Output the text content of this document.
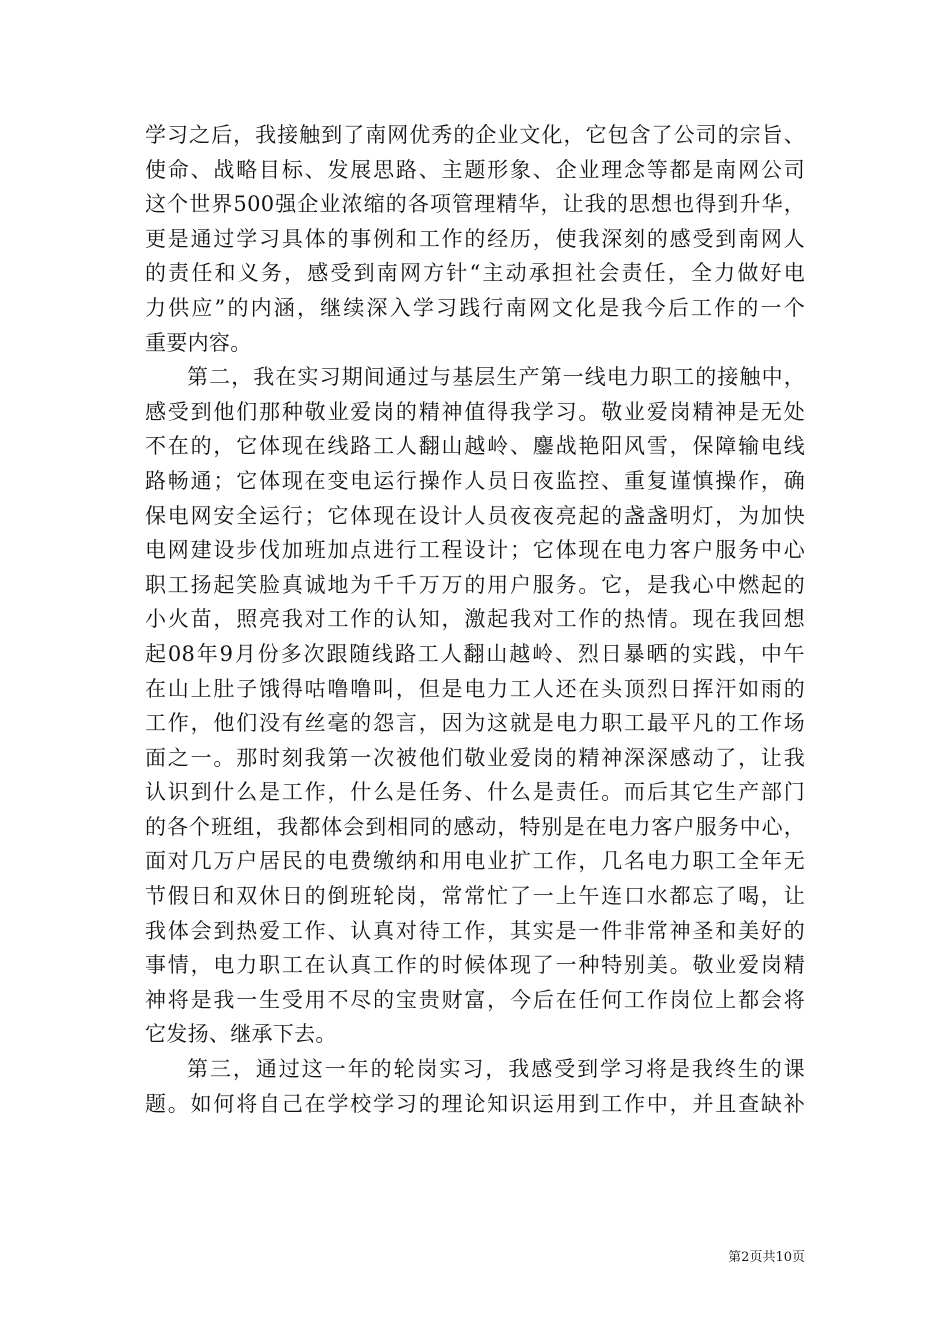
学习之后，我接触到了南网优秀的企业文化，它包含了公司的宗旨、
使命、战略目标、发展思路、主题形象、企业理念等都是南网公司
这个世界500强企业浓缩的各项管理精华，让我的思想也得到升华，
更是通过学习具体的事例和工作的经历，使我深刻的感受到南网人
的责任和义务，感受到南网方针“主动承担社会责任，全力做好电
力供应”的内涵，继续深入学习践行南网文化是我今后工作的一个
重要内容。
第二，我在实习期间通过与基层生产第一线电力职工的接触中，
感受到他们那种敬业爱岗的精神值得我学习。敬业爱岗精神是无处
不在的，它体现在线路工人翻山越岭、鏖战艳阳风雪，保障输电线
路畅通；它体现在变电运行操作人员日夜监控、重复谨慎操作，确
保电网安全运行；它体现在设计人员夜夜亮起的盏盏明灯，为加快
电网建设步伐加班加点进行工程设计；它体现在电力客户服务中心
职工扬起笑脸真诚地为千千万万的用户服务。它，是我心中燃起的
小火苗，照亮我对工作的认知，激起我对工作的热情。现在我回想
起08年9月份多次跟随线路工人翻山越岭、烈日暴晒的实践，中午
在山上肚子饿得咕噜噜叫，但是电力工人还在头顶烈日挥汗如雨的
工作，他们没有丝毫的怨言，因为这就是电力职工最平凡的工作场
面之一。那时刻我第一次被他们敬业爱岗的精神深深感动了，让我
认识到什么是工作，什么是任务、什么是责任。而后其它生产部门
的各个班组，我都体会到相同的感动，特别是在电力客户服务中心，
面对几万户居民的电费缴纳和用电业扩工作，几名电力职工全年无
节假日和双休日的倒班轮岗，常常忙了一上午连口水都忘了喝，让
我体会到热爱工作、认真对待工作，其实是一件非常神圣和美好的
事情，电力职工在认真工作的时候体现了一种特别美。敬业爱岗精
神将是我一生受用不尽的宝贵财富，今后在任何工作岗位上都会将
它发扬、继承下去。
第三，通过这一年的轮岗实习，我感受到学习将是我终生的课
题。如何将自己在学校学习的理论知识运用到工作中，并且查缺补
第2页共10页
